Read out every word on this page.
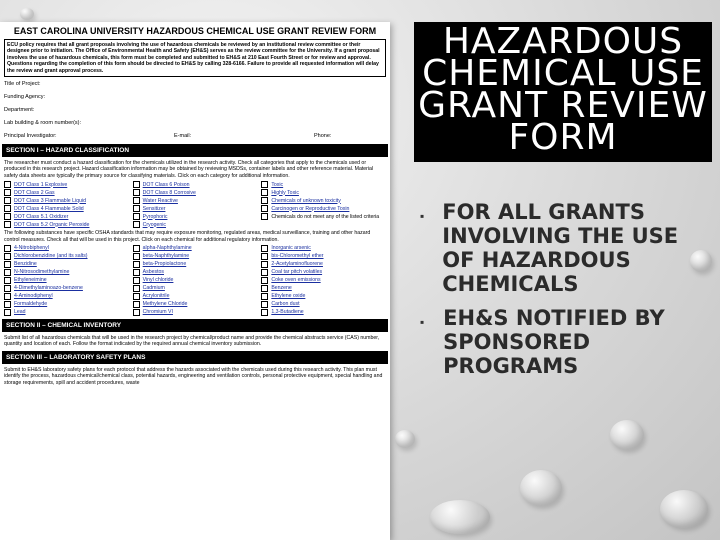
EAST CAROLINA UNIVERSITY HAZARDOUS CHEMICAL USE GRANT REVIEW FORM
ECU policy requires that all grant proposals involving the use of hazardous chemicals be reviewed by an institutional review committee or their designee prior to initiation. The Office of Environmental Health and Safety (EH&S) serves as the review committee for the University. If a grant proposal involves the use of hazardous chemicals, this form must be completed and submitted to EH&S at 210 East Fourth Street or for review and approval. Questions regarding the completion of this form should be directed to EH&S by calling 328-6166. Failure to provide all requested information will delay the review and grant approval process.
Title of Project:
Funding Agency:
Department:
Lab building & room number(s):
Principal Investigator:	E-mail:	Phone:
SECTION I – HAZARD CLASSIFICATION
The researcher must conduct a hazard classification for the chemicals utilized in the research activity. Check all categories that apply to the chemicals used or produced in this research project. Hazard classification information may be obtained by reviewing MSDSs, container labels and other reference material. Material safety data sheets are typically the primary source for classifying materials. Click on each category for additional information.
DOT Class 1 Explosive	DOT Class 6 Poison	Toxic
DOT Class 2 Gas	DOT Class 8 Corrosive	Highly Toxic
DOT Class 3 Flammable Liquid	Water Reactive	Chemicals of unknown toxicity
DOT Class 4 Flammable Solid	Sensitizer	Carcinogen or Reproductive Toxin
DOT Class 5.1 Oxidizer	Pyrophoric	Chemicals do not meet any of the listed criteria
DOT Class 5.2 Organic Peroxide	Cryogenic
The following substances have specific OSHA standards that may require exposure monitoring, regulated areas, medical surveillance, training and other hazard control measures. Check all that will be used in this project. Click on each chemical for additional regulatory information.
4-Nitrobiphenyl	alpha-Naphthylamine	Inorganic arsenic
Dichlorobenzidine (and its salts)	beta-Naphthylamine	bis-Chloromethyl ether
Benzidine	beta-Propiolactone	2-Acetylaminofluorene
N-Nitrosodimethylamine	Asbestos	Coal tar pitch volatiles
Ethyleneimine	Vinyl chloride	Coke oven emissions
4-Dimethylaminoazo-benzene	Cadmium	Benzene
4-Aminodiphenyl	Acrylonitrile	Ethylene oxide
Formaldehyde	Methylene Chloride	Carbon dust
Lead	Chromium VI	1,3-Butadiene
SECTION II – CHEMICAL INVENTORY
Submit list of all hazardous chemicals that will be used in the research project by chemical/product name and provide the chemical abstracts service (CAS) number, quantity and location of each. Follow the format indicated by the required annual chemical inventory submission.
SECTION III – LABORATORY SAFETY PLANS
Submit to EH&S laboratory safety plans for each protocol that address the hazards associated with the chemicals used during this research activity. This plan must identify the process, hazardous chemical/chemical class, potential hazards, engineering and ventilation controls, personal protective equipment, special handling and storage requirements, spill and accident procedures, waste
HAZARDOUS CHEMICAL USE GRANT REVIEW FORM
▪ FOR ALL GRANTS INVOLVING THE USE OF HAZARDOUS CHEMICALS
▪ EH&S NOTIFIED BY SPONSORED PROGRAMS
